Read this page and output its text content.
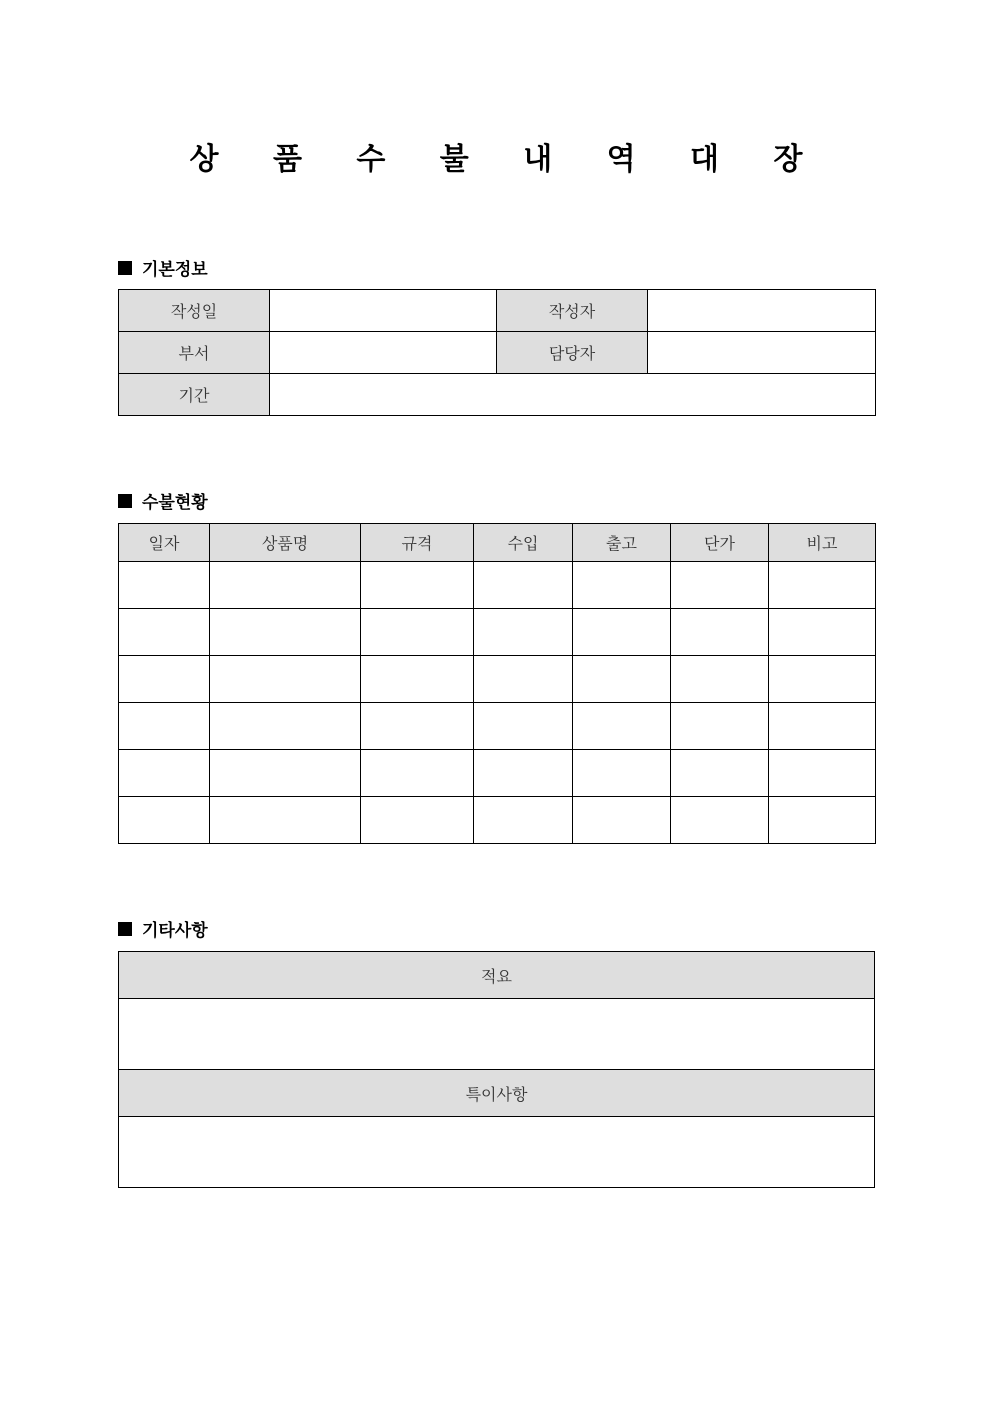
상 품 수 불 내 역 대 장
기본정보
작성일		작성자	
부서		담당자	
기간			
수불현황
일자	상품명	규격	수입	출고	단가	비고

기타사항
적요

특이사항
